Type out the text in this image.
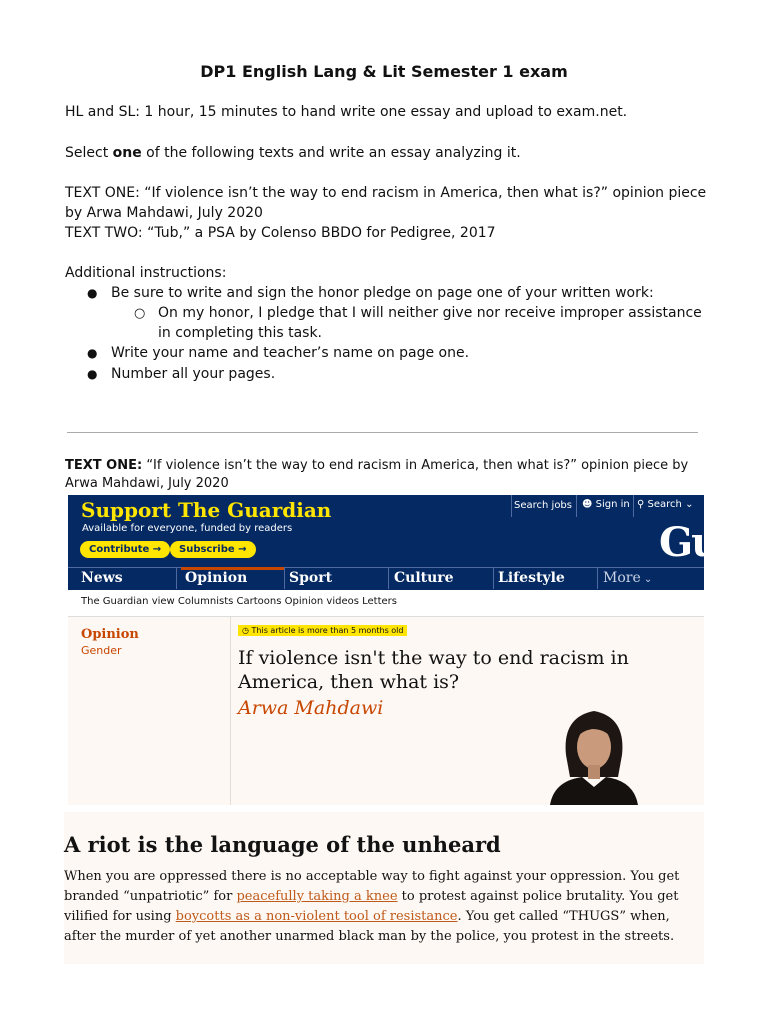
DP1 English Lang & Lit Semester 1 exam
HL and SL: 1 hour, 15 minutes to hand write one essay and upload to exam.net.
Select one of the following texts and write an essay analyzing it.
TEXT ONE: “If violence isn’t the way to end racism in America, then what is?” opinion piece
by Arwa Mahdawi, July 2020
TEXT TWO: “Tub,” a PSA by Colenso BBDO for Pedigree, 2017
Additional instructions:
● Be sure to write and sign the honor pledge on page one of your written work:
○ On my honor, I pledge that I will neither give nor receive improper assistance
in completing this task.
● Write your name and teacher’s name on page one.
● Number all your pages.
TEXT ONE: “If violence isn’t the way to end racism in America, then what is?” opinion piece by
Arwa Mahdawi, July 2020
Support The Guardian
Available for everyone, funded by readers
Contribute →	Subscribe →
Search jobs ☻ Sign in ⚲ Search ⌄
Gu
News	Opinion	Sport	Culture	Lifestyle	More ⌄
The Guardian view Columnists Cartoons Opinion videos Letters
Opinion
Gender
◷ This article is more than 5 months old
If violence isn't the way to end racism in
America, then what is?
Arwa Mahdawi
A riot is the language of the unheard
When you are oppressed there is no acceptable way to fight against your oppression. You get
branded “unpatriotic” for peacefully taking a knee to protest against police brutality. You get
vilified for using boycotts as a non-violent tool of resistance. You get called “THUGS” when,
after the murder of yet another unarmed black man by the police, you protest in the streets.
